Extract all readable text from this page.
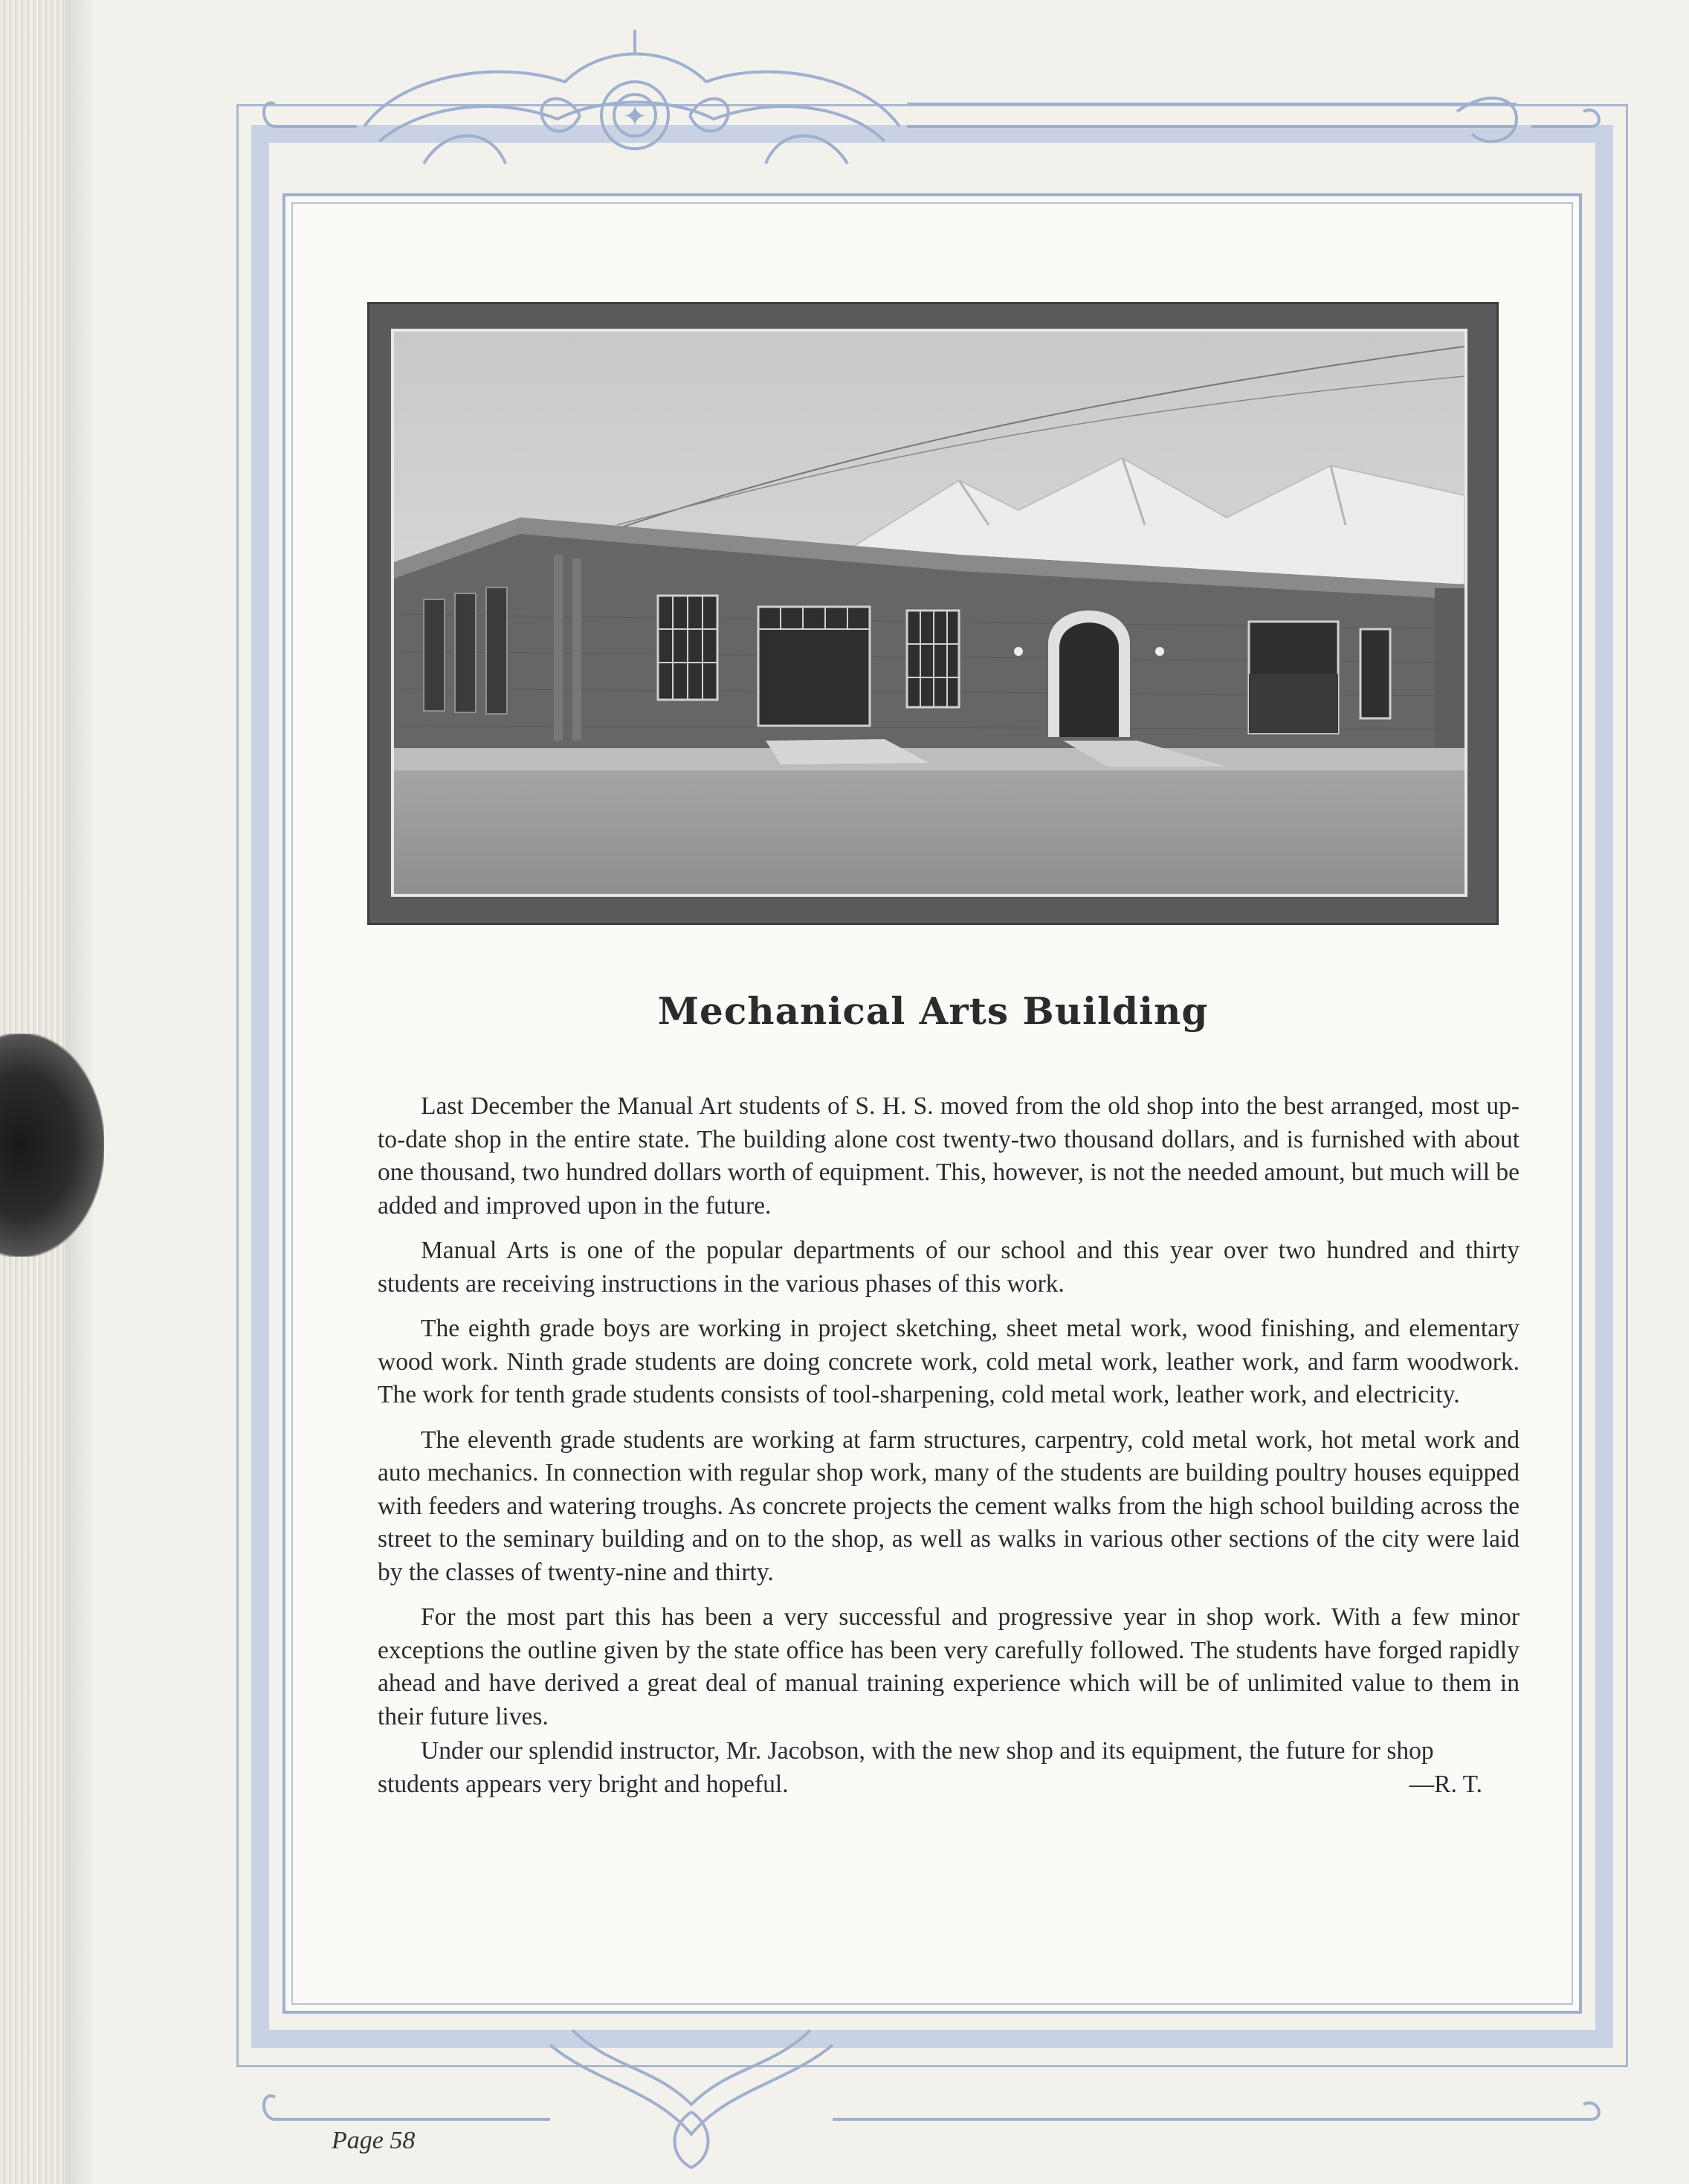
✦
Mechanical Arts Building

Last December the Manual Art students of S. H. S. moved from the old shop into the best arranged, most up-to-date shop in the entire state. The building alone cost twenty-two thousand dollars, and is furnished with about one thousand, two hundred dollars worth of equipment. This, however, is not the needed amount, but much will be added and improved upon in the future.

Manual Arts is one of the popular departments of our school and this year over two hundred and thirty students are receiving instructions in the various phases of this work.

The eighth grade boys are working in project sketching, sheet metal work, wood finishing, and elementary wood work. Ninth grade students are doing concrete work, cold metal work, leather work, and farm woodwork. The work for tenth grade students consists of tool-sharpening, cold metal work, leather work, and electricity.

The eleventh grade students are working at farm structures, carpentry, cold metal work, hot metal work and auto mechanics. In connection with regular shop work, many of the students are building poultry houses equipped with feeders and watering troughs. As concrete projects the cement walks from the high school building across the street to the seminary building and on to the shop, as well as walks in various other sections of the city were laid by the classes of twenty-nine and thirty.

For the most part this has been a very successful and progressive year in shop work. With a few minor exceptions the outline given by the state office has been very carefully followed. The students have forged rapidly ahead and have derived a great deal of manual training experience which will be of unlimited value to them in their future lives.

Under our splendid instructor, Mr. Jacobson, with the new shop and its equipment, the future for shop students appears very bright and hopeful.	—R. T.

Page 58
